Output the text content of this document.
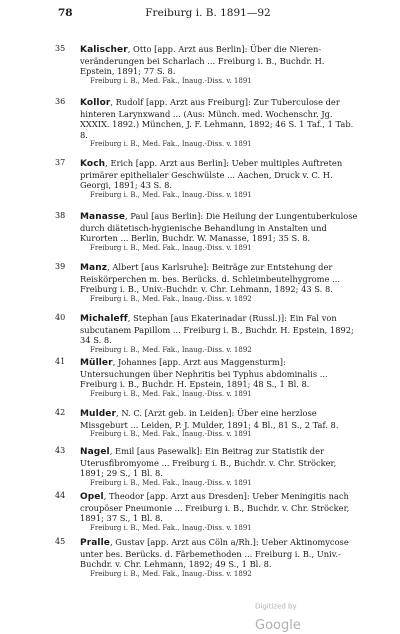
78	Freiburg i. B. 1891—92
35	Kalischer, Otto [app. Arzt aus Berlin]: Über die Nieren-veränderungen bei Scharlach ... Freiburg i. B., Buchdr. H. Epstein, 1891; 77 S. 8.
Freiburg i. B., Med. Fak., Inaug.-Diss. v. 1891
36	Kollor, Rudolf [app. Arzt aus Freiburg]: Zur Tuberculose der hinteren Larynxwand ... (Aus: Münch. med. Wochenschr. Jg. XXXIX. 1892.) München, J. F. Lehmann, 1892; 46 S. 1 Taf., 1 Tab. 8.
Freiburg i. B., Med. Fak., Inaug.-Diss. v. 1891
37	Koch, Erich [app. Arzt aus Berlin]: Ueber multiples Auftreten primärer epithelialer Geschwülste ... Aachen, Druck v. C. H. Georgi, 1891; 43 S. 8.
Freiburg i. B., Med. Fak., Inaug.-Diss. v. 1891
38	Manasse, Paul [aus Berlin]: Die Heilung der Lungentuberkulose durch diätetisch-hygienische Behandlung in Anstalten und Kurorten ... Berlin, Buchdr. W. Manasse, 1891; 35 S. 8.
Freiburg i. B., Med. Fak., Inaug.-Diss. v. 1891
39	Manz, Albert [aus Karlsruhe]: Beiträge zur Entstehung der Reiskörperchen m. bes. Berücks. d. Schleimbeutelhygrome ... Freiburg i. B., Univ.-Buchdr. v. Chr. Lehmann, 1892; 43 S. 8.
Freiburg i. B., Med. Fak., Inaug.-Diss. v. 1892
40	Michaleff, Stephan [aus Ekaterinadar (Russl.)]: Ein Fal von subcutanem Papillom ... Freiburg i. B., Buchdr. H. Epstein, 1892; 34 S. 8.
Freiburg i. B., Med. Fak., Inaug.-Diss. v. 1892
41	Müller, Johannes [app. Arzt aus Maggensturm]: Untersuchungen über Nephritis bei Typhus abdominalis ... Freiburg i. B., Buchdr. H. Epstein, 1891; 48 S., 1 Bl. 8.
Freiburg i. B., Med. Fak., Inaug.-Diss. v. 1891
42	Mulder, N. C. [Arzt geb. in Leiden]: Über eine herzlose Missgeburt ... Leiden, P. J. Mulder, 1891; 4 Bl., 81 S., 2 Taf. 8.
Freiburg i. B., Med. Fak., Inaug.-Diss. v. 1891
43	Nagel, Emil [aus Pasewalk]: Ein Beitrag zur Statistik der Uterusfibromyome ... Freiburg i. B., Buchdr. v. Chr. Ströcker, 1891; 29 S., 1 Bl. 8.
Freiburg i. B., Med. Fak., Inaug.-Diss. v. 1891
44	Opel, Theodor [app. Arzt aus Dresden]: Ueber Meningitis nach croupöser Pneumonie ... Freiburg i. B., Buchdr. v. Chr. Ströcker, 1891; 37 S., 1 Bl. 8.
Freiburg i. B., Med. Fak., Inaug.-Diss. v. 1891
45	Pralle, Gustav [app. Arzt aus Cöln a/Rh.]: Ueber Aktinomycose unter bes. Berücks. d. Färbemethoden ... Freiburg i. B., Univ.-Buchdr. v. Chr. Lehmann, 1892; 49 S., 1 Bl. 8.
Freiburg i. B., Med. Fak., Inaug.-Diss. v. 1892
Digitized by Google
